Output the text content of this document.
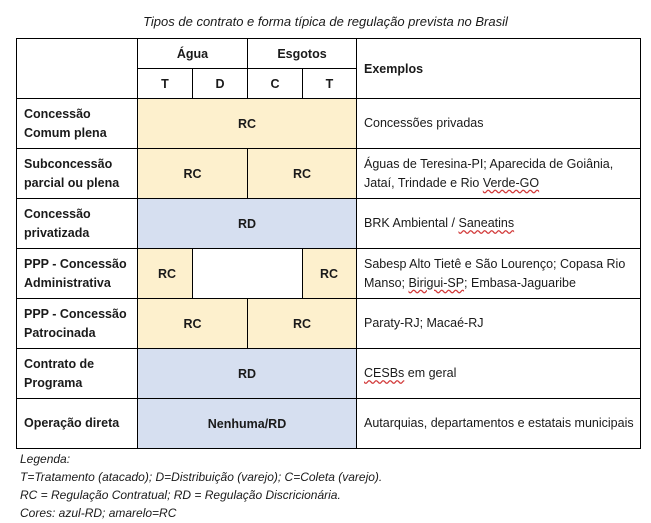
Tipos de contrato e forma típica de regulação prevista no Brasil
	Água		Esgotos		Exemplos
	T	D	C	T	
Concessão Comum plena	RC				Concessões privadas
Subconcessão parcial ou plena	RC		RC		Águas de Teresina-PI; Aparecida de Goiânia, Jataí, Trindade e Rio Verde-GO
Concessão privatizada	RD				BRK Ambiental / Saneatins
PPP - Concessão Administrativa	RC			RC	Sabesp Alto Tietê e São Lourenço; Copasa Rio Manso; Birigui-SP; Embasa-Jaguaribe
PPP - Concessão Patrocinada	RC		RC		Paraty-RJ; Macaé-RJ
Contrato de Programa	RD				CESBs em geral
Operação direta	Nenhuma/RD				Autarquias, departamentos e estatais municipais
Legenda:
T=Tratamento (atacado); D=Distribuição (varejo); C=Coleta (varejo).
RC = Regulação Contratual; RD = Regulação Discricionária.
Cores: azul-RD; amarelo=RC
